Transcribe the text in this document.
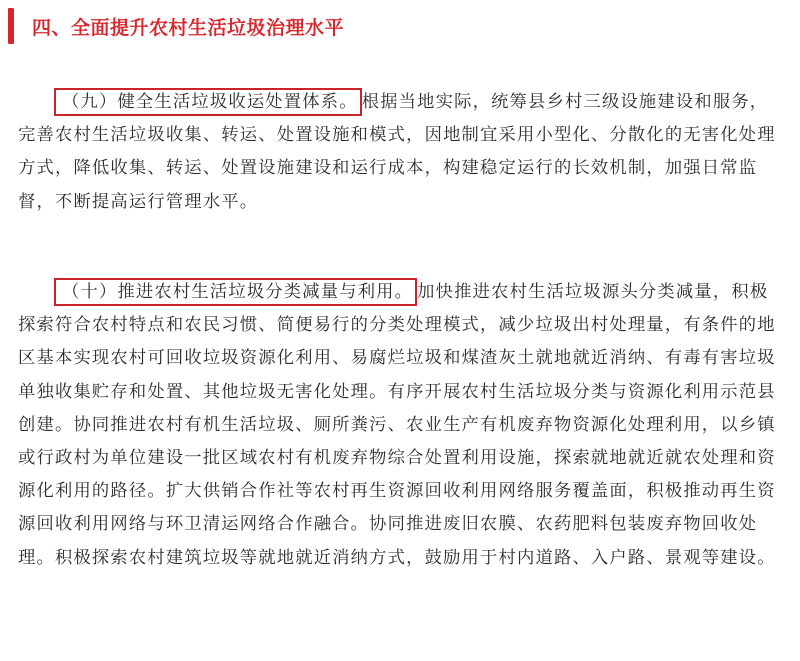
四、全面提升农村生活垃圾治理水平

（九）健全生活垃圾收运处置体系。 根据当地实际，统筹县乡村三级设施建设和服务，完善农村生活垃圾收集、转运、处置设施和模式，因地制宜采用小型化、分散化的无害化处理方式，降低收集、转运、处置设施建设和运行成本，构建稳定运行的长效机制，加强日常监督，不断提高运行管理水平。

（十）推进农村生活垃圾分类减量与利用。 加快推进农村生活垃圾源头分类减量，积极探索符合农村特点和农民习惯、简便易行的分类处理模式，减少垃圾出村处理量，有条件的地区基本实现农村可回收垃圾资源化利用、易腐烂垃圾和煤渣灰土就地就近消纳、有毒有害垃圾单独收集贮存和处置、其他垃圾无害化处理。有序开展农村生活垃圾分类与资源化利用示范县创建。协同推进农村有机生活垃圾、厕所粪污、农业生产有机废弃物资源化处理利用，以乡镇或行政村为单位建设一批区域农村有机废弃物综合处置利用设施，探索就地就近就农处理和资源化利用的路径。扩大供销合作社等农村再生资源回收利用网络服务覆盖面，积极推动再生资源回收利用网络与环卫清运网络合作融合。协同推进废旧农膜、农药肥料包装废弃物回收处理。积极探索农村建筑垃圾等就地就近消纳方式，鼓励用于村内道路、入户路、景观等建设。
